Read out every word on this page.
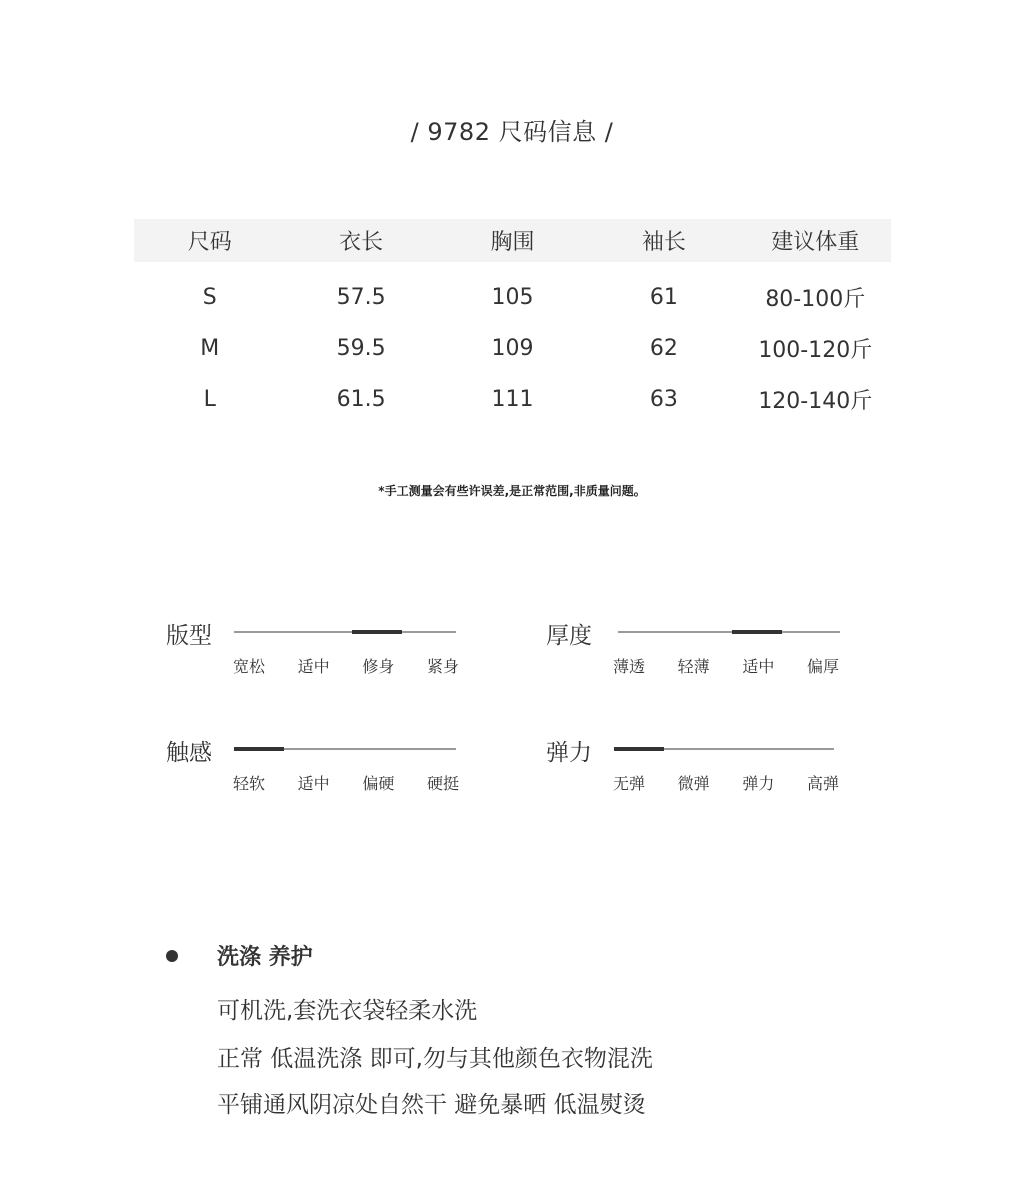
/ 9782 尺码信息 /
尺码	衣长	胸围	袖长	建议体重
S	57.5	105	61	80-100斤
M	59.5	109	62	100-120斤
L	61.5	111	63	120-140斤
*手工测量会有些许误差,是正常范围,非质量问题。
版型
宽松 适中 修身 紧身
厚度
薄透 轻薄 适中 偏厚
触感
轻软 适中 偏硬 硬挺
弹力
无弹 微弹 弹力 高弹
洗涤 养护
可机洗,套洗衣袋轻柔水洗
正常 低温洗涤 即可,勿与其他颜色衣物混洗
平铺通风阴凉处自然干 避免暴晒 低温熨烫
